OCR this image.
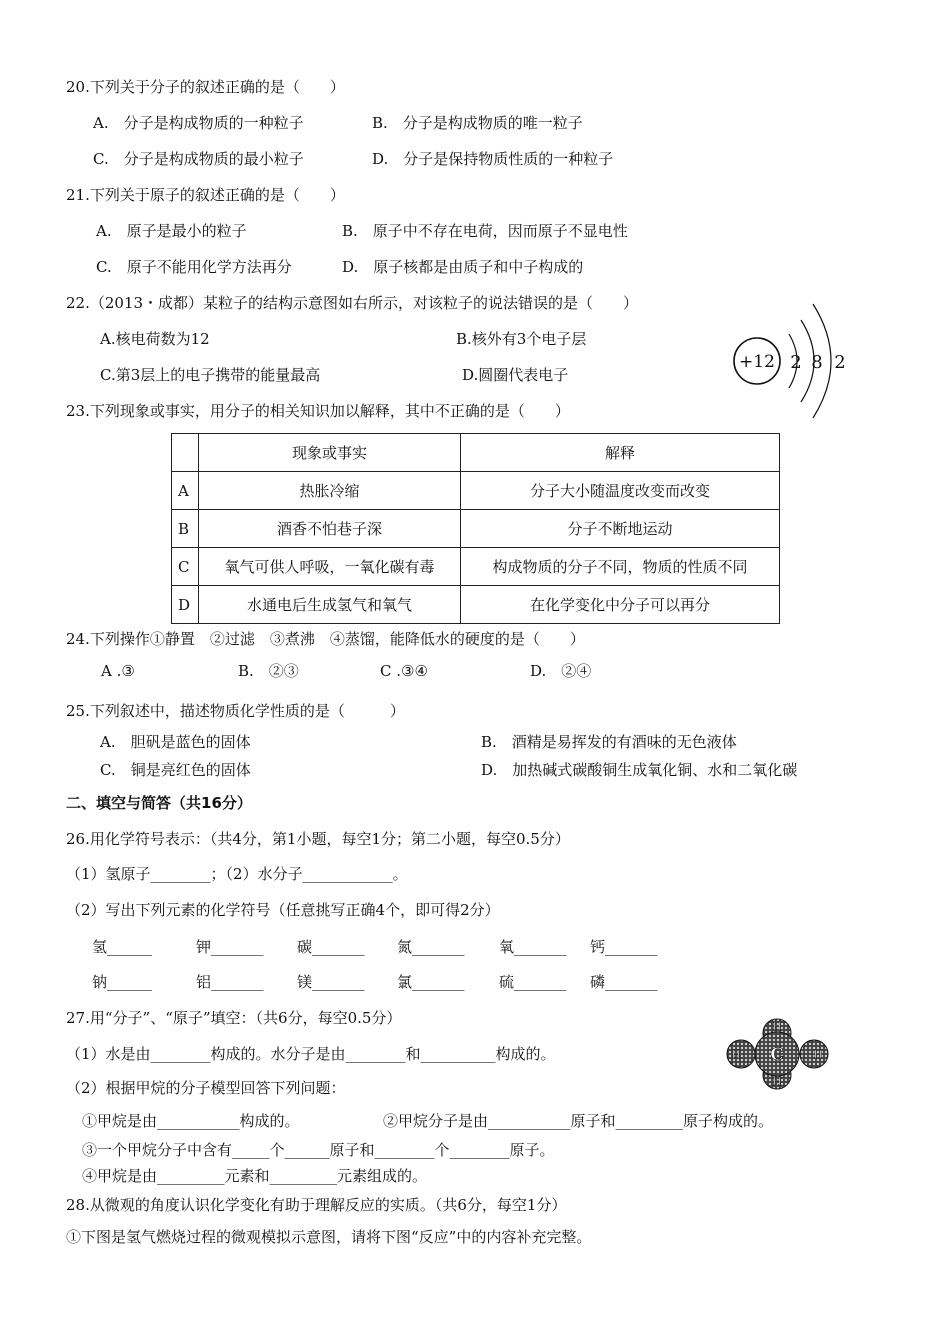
20.下列关于分子的叙述正确的是（　　）
A.　分子是构成物质的一种粒子	B.　分子是构成物质的唯一粒子
C.　分子是构成物质的最小粒子	D.　分子是保持物质性质的一种粒子
21.下列关于原子的叙述正确的是（　　）
A.　原子是最小的粒子	B.　原子中不存在电荷，因而原子不显电性
C.　原子不能用化学方法再分	D.　原子核都是由质子和中子构成的
22.（2013・成都）某粒子的结构示意图如右所示，对该粒子的说法错误的是（　　）
A.核电荷数为12	B.核外有3个电子层
C.第3层上的电子携带的能量最高	D.圆圈代表电子
+12 2 8 2
23.下列现象或事实，用分子的相关知识加以解释，其中不正确的是（　　）
	现象或事实	解释
A	热胀冷缩	分子大小随温度改变而改变
B	酒香不怕巷子深	分子不断地运动
C	氧气可供人呼吸，一氧化碳有毒	构成物质的分子不同，物质的性质不同
D	水通电后生成氢气和氧气	在化学变化中分子可以再分
24.下列操作①静置　②过滤　③煮沸　④蒸馏，能降低水的硬度的是（　　）
A .③	B.　②③	C .③④	D.　②④
25.下列叙述中，描述物质化学性质的是（　　　）
A.　胆矾是蓝色的固体	B.　酒精是易挥发的有酒味的无色液体
C.　铜是亮红色的固体	D.　加热碱式碳酸铜生成氧化铜、水和二氧化碳
二、填空与简答（共16分）
26.用化学符号表示：（共4分，第1小题，每空1分；第二小题，每空0.5分）
（1）氢原子________；（2）水分子____________。
（2）写出下列元素的化学符号（任意挑写正确4个，即可得2分）
氢______	钾_______ 碳_______ 氮_______ 氧_______ 钙_______
钠______	铝_______ 镁_______ 氯_______ 硫_______ 磷_______
27.用“分子”、“原子”填空：（共6分，每空0.5分）
（1）水是由________构成的。水分子是由________和__________构成的。
（2）根据甲烷的分子模型回答下列问题：
①甲烷是由___________构成的。	②甲烷分子是由___________原子和_________原子构成的。
③一个甲烷分子中含有_____个______原子和________个________原子。
④甲烷是由_________元素和_________元素组成的。
C
H
H	H
H
28.从微观的角度认识化学变化有助于理解反应的实质。（共6分，每空1分）
①下图是氢气燃烧过程的微观模拟示意图，请将下图“反应”中的内容补充完整。
